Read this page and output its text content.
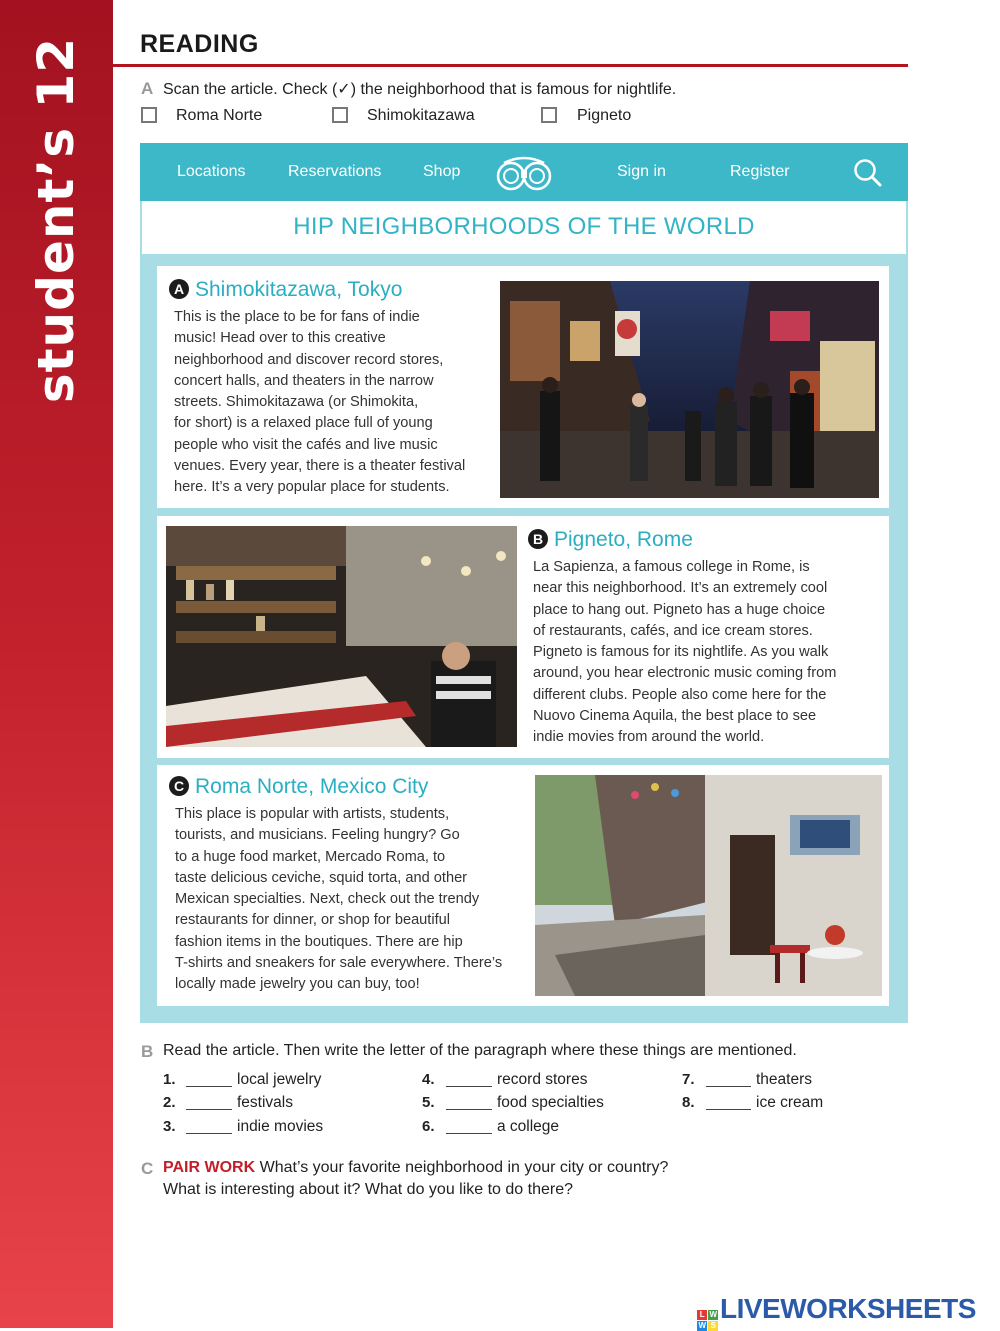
student’s 12 READING
A Scan the article. Check (✓) the neighborhood that is famous for nightlife.
Roma Norte	Shimokitazawa	Pigneto
Locations	Reservations	Shop	Sign in	Register
HIP NEIGHBORHOODS OF THE WORLD
A Shimokitazawa, Tokyo
This is the place to be for fans of indie
music! Head over to this creative
neighborhood and discover record stores,
concert halls, and theaters in the narrow
streets. Shimokitazawa (or Shimokita,
for short) is a relaxed place full of young
people who visit the cafés and live music
venues. Every year, there is a theater festival
here. It’s a very popular place for students.
B Pigneto, Rome
La Sapienza, a famous college in Rome, is
near this neighborhood. It’s an extremely cool
place to hang out. Pigneto has a huge choice
of restaurants, cafés, and ice cream stores.
Pigneto is famous for its nightlife. As you walk
around, you hear electronic music coming from
different clubs. People also come here for the
Nuovo Cinema Aquila, the best place to see
indie movies from around the world.
C Roma Norte, Mexico City
This place is popular with artists, students,
tourists, and musicians. Feeling hungry? Go
to a huge food market, Mercado Roma, to
taste delicious ceviche, squid torta, and other
Mexican specialties. Next, check out the trendy
restaurants for dinner, or shop for beautiful
fashion items in the boutiques. There are hip
T-shirts and sneakers for sale everywhere. There’s
locally made jewelry you can buy, too!
B Read the article. Then write the letter of the paragraph where these things are mentioned.
1.	local jewelry
2.	festivals
3.	indie movies
4.	record stores
5.	food specialties
6.	a college
7.	theaters
8.	ice cream
C PAIR WORK What’s your favorite neighborhood in your city or country?
What is interesting about it? What do you like to do there?
L W
W S
LIVEWORKSHEETS
